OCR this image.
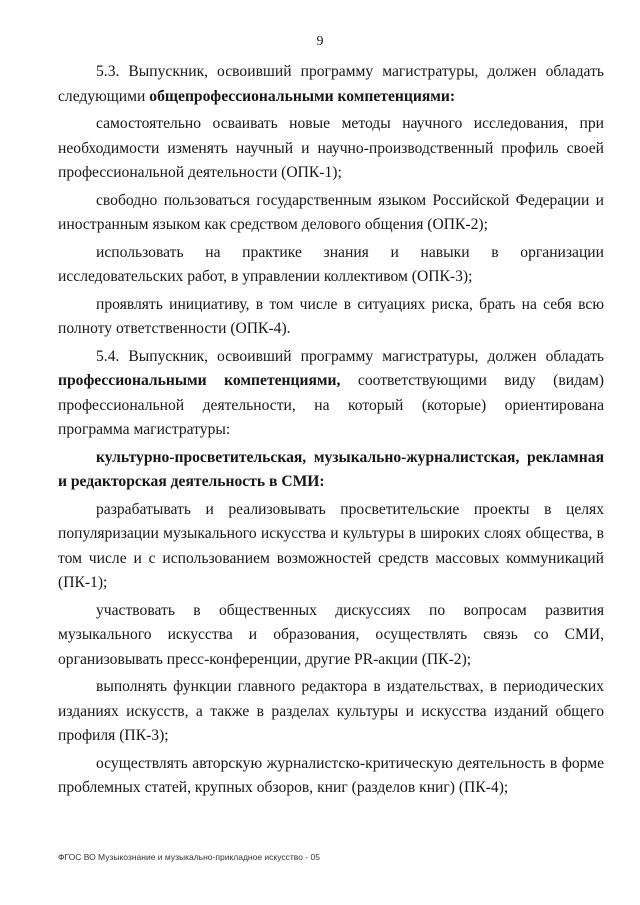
9

5.3. Выпускник, освоивший программу магистратуры, должен обладать следующими общепрофессиональными компетенциями:

самостоятельно осваивать новые методы научного исследования, при необходимости изменять научный и научно-производственный профиль своей профессиональной деятельности (ОПК-1);

свободно пользоваться государственным языком Российской Федерации и иностранным языком как средством делового общения (ОПК-2);

использовать на практике знания и навыки в организации исследовательских работ, в управлении коллективом (ОПК-3);

проявлять инициативу, в том числе в ситуациях риска, брать на себя всю полноту ответственности (ОПК-4).

5.4. Выпускник, освоивший программу магистратуры, должен обладать профессиональными компетенциями, соответствующими виду (видам) профессиональной деятельности, на который (которые) ориентирована программа магистратуры:

культурно-просветительская, музыкально-журналистская, рекламная и редакторская деятельность в СМИ:

разрабатывать и реализовывать просветительские проекты в целях популяризации музыкального искусства и культуры в широких слоях общества, в том числе и с использованием возможностей средств массовых коммуникаций (ПК-1);

участвовать в общественных дискуссиях по вопросам развития музыкального искусства и образования, осуществлять связь со СМИ, организовывать пресс-конференции, другие PR-акции (ПК-2);

выполнять функции главного редактора в издательствах, в периодических изданиях искусств, а также в разделах культуры и искусства изданий общего профиля (ПК-3);

осуществлять авторскую журналистско-критическую деятельность в форме проблемных статей, крупных обзоров, книг (разделов книг) (ПК-4);

ФГОС ВО Музыкознание и музыкально-прикладное искусство - 05
